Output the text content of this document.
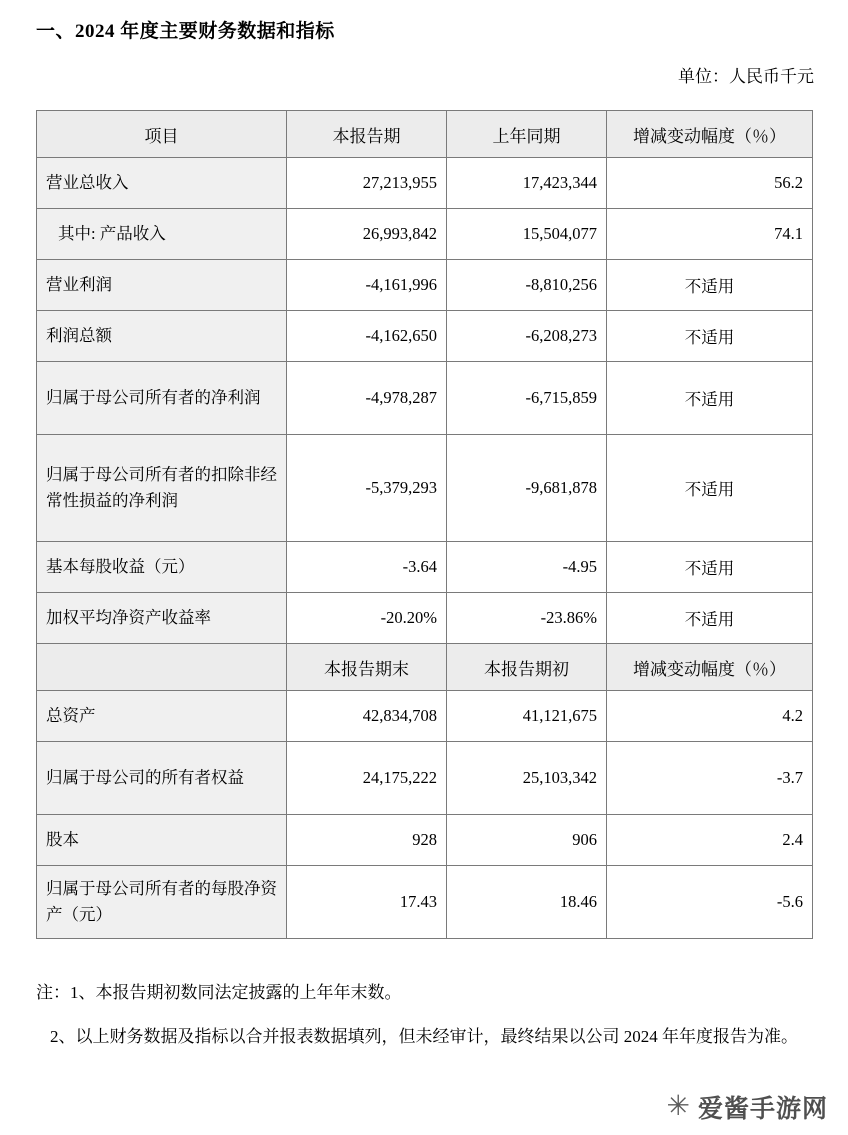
一、2024 年度主要财务数据和指标
单位：人民币千元
项目	本报告期	上年同期	增减变动幅度（％）
营业总收入	27,213,955	17,423,344	56.2
其中: 产品收入	26,993,842	15,504,077	74.1
营业利润	-4,161,996	-8,810,256	不适用
利润总额	-4,162,650	-6,208,273	不适用
归属于母公司所有者的净利润	-4,978,287	-6,715,859	不适用
归属于母公司所有者的扣除非经常性损益的净利润	-5,379,293	-9,681,878	不适用
基本每股收益（元）	-3.64	-4.95	不适用
加权平均净资产收益率	-20.20%	-23.86%	不适用
	本报告期末	本报告期初	增减变动幅度（％）
总资产	42,834,708	41,121,675	4.2
归属于母公司的所有者权益	24,175,222	25,103,342	-3.7
股本	928	906	2.4
归属于母公司所有者的每股净资产（元）	17.43	18.46	-5.6

注：1、本报告期初数同法定披露的上年年末数。

2、以上财务数据及指标以合并报表数据填列，但未经审计，最终结果以公司 2024 年年度报告为准。

✳ 爱酱手游网
